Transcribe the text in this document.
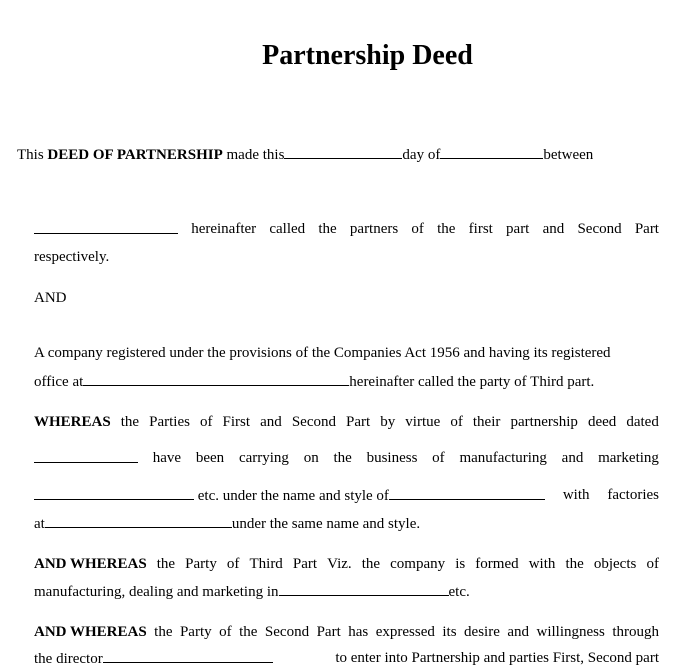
Partnership Deed
This DEED OF PARTNERSHIP made this	day of	between
hereinafter called the partners of the first part and Second Part
respectively.
AND
A company registered under the provisions of the Companies Act 1956 and having its registered
office at	hereinafter called the party of Third part.
WHEREAS the Parties of First and Second Part by virtue of their partnership deed dated
have been carrying on the business of manufacturing and marketing
etc. under the name and style of	with factories
at	under the same name and style.
AND WHEREAS the Party of Third Part Viz. the company is formed with the objects of
manufacturing, dealing and marketing in	etc.
AND WHEREAS the Party of the Second Part has expressed its desire and willingness through
the director	to enter into Partnership and parties First, Second part
